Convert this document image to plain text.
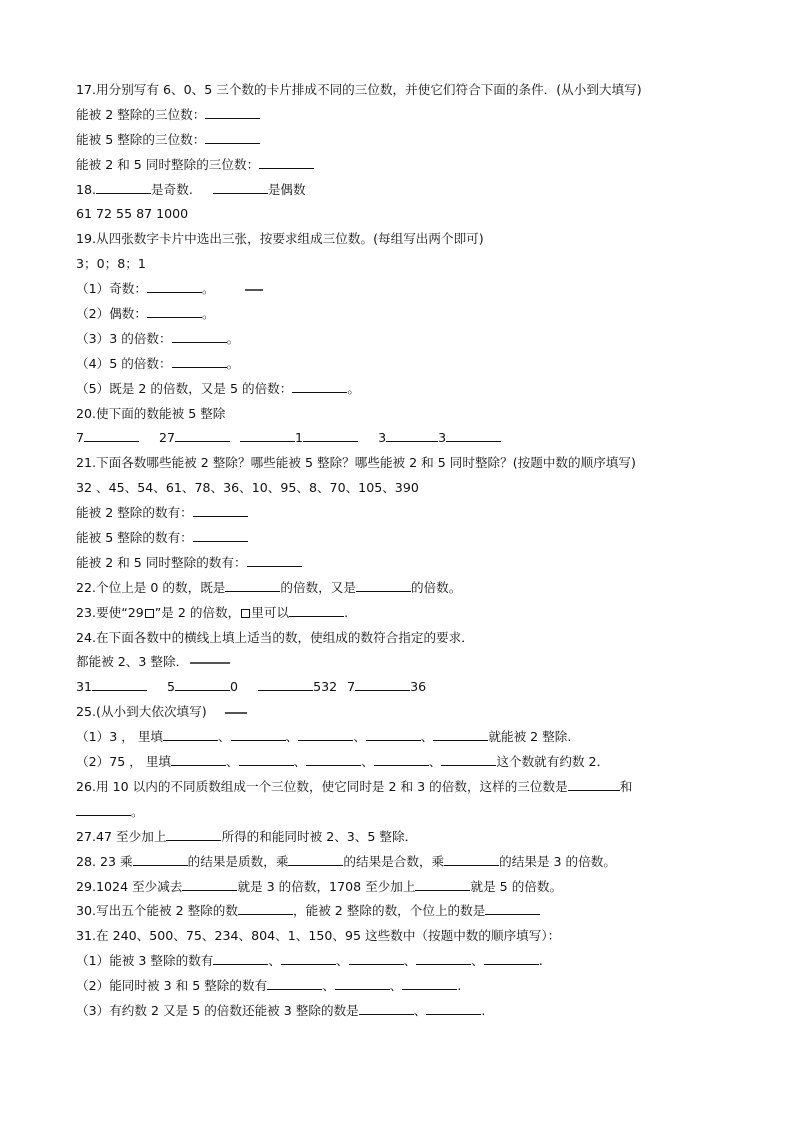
17.用分别写有 6、0、5 三个数的卡片排成不同的三位数，并使它们符合下面的条件．(从小到大填写)
能被 2 整除的三位数：
能被 5 整除的三位数：
能被 2 和 5 同时整除的三位数：
18.	是奇数.	是偶数
61 72 55 87 1000
19.从四张数字卡片中选出三张，按要求组成三位数。(每组写出两个即可)
3；0；8；1
（1）奇数：	。
（2）偶数：	。
（3）3 的倍数：	。
（4）5 的倍数：	。
（5）既是 2 的倍数，又是 5 的倍数：	。
20.使下面的数能被 5 整除
7	27	1	3	3
21.下面各数哪些能被 2 整除？哪些能被 5 整除？哪些能被 2 和 5 同时整除？(按题中数的顺序填写)
32 、45、54、61、78、36、10、95、8、70、105、390
能被 2 整除的数有：
能被 5 整除的数有：
能被 2 和 5 同时整除的数有：
22.个位上是 0 的数，既是	的倍数，又是	的倍数。
23.要使“29 ”是 2 的倍数， 里可以	.
24.在下面各数中的横线上填上适当的数，使组成的数符合指定的要求．
都能被 2、3 整除．
31	5	0	532 7	36
25.(从小到大依次填写)
（1）3 ， 里填	、	、	、	、	就能被 2 整除.
（2）75 ， 里填	、	、	、	、	这个数就有约数 2．
26.用 10 以内的不同质数组成一个三位数，使它同时是 2 和 3 的倍数，这样的三位数是	和
。
27.47 至少加上	所得的和能同时被 2、3、5 整除．
28. 23 乘	的结果是质数，乘	的结果是合数，乘	的结果是 3 的倍数。
29.1024 至少减去	就是 3 的倍数，1708 至少加上	就是 5 的倍数。
30.写出五个能被 2 整除的数	，能被 2 整除的数，个位上的数是
31.在 240、500、75、234、804、1、150、95 这些数中（按题中数的顺序填写）：
（1）能被 3 整除的数有	、	、	、	、	.
（2）能同时被 3 和 5 整除的数有	、	、	.
（3）有约数 2 又是 5 的倍数还能被 3 整除的数是	、	.
